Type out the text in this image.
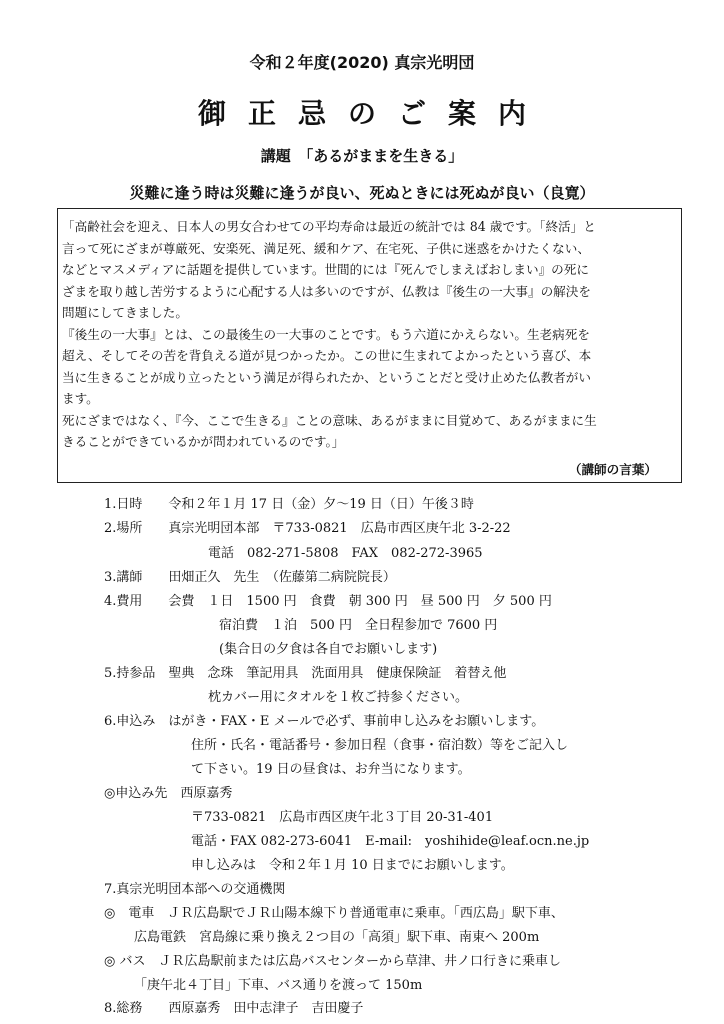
令和２年度(2020) 真宗光明団
御正忌のご案内
講題　「あるがままを生きる」
災難に逢う時は災難に逢うが良い、死ぬときには死ぬが良い（良寛）
「高齢社会を迎え、日本人の男女合わせての平均寿命は最近の統計では 84 歳です。「終活」と
言って死にざまが尊厳死、安楽死、満足死、緩和ケア、在宅死、子供に迷惑をかけたくない、
などとマスメディアに話題を提供しています。世間的には『死んでしまえばおしまい』の死に
ざまを取り越し苦労するように心配する人は多いのですが、仏教は『後生の一大事』の解決を
問題にしてきました。
『後生の一大事』とは、この最後生の一大事のことです。もう六道にかえらない。生老病死を
超え、そしてその苦を背負える道が見つかったか。この世に生まれてよかったという喜び、本
当に生きることが成り立ったという満足が得られたか、ということだと受け止めた仏教者がい
ます。
死にざまではなく、『今、ここで生きる』ことの意味、あるがままに目覚めて、あるがままに生
きることができているかが問われているのです。」
（講師の言葉）
1.日時　　令和２年１月 17 日（金）夕～19 日（日）午後３時
2.場所　　真宗光明団本部　〒733-0821　広島市西区庚午北 3-2-22
電話　082-271-5808　FAX　082-272-3965
3.講師　　田畑正久　先生　（佐藤第二病院院長）
4.費用　　会費　１日　1500 円　食費　朝 300 円　昼 500 円　夕 500 円
宿泊費　１泊　500 円　全日程参加で 7600 円
(集合日の夕食は各自でお願いします)
5.持参品　聖典　念珠　筆記用具　洗面用具　健康保険証　着替え他
枕カバー用にタオルを１枚ご持参ください。
6.申込み　はがき・FAX・E メールで必ず、事前申し込みをお願いします。
住所・氏名・電話番号・参加日程（食事・宿泊数）等をご記入し
て下さい。19 日の昼食は、お弁当になります。
◎申込み先　西原嘉秀
〒733-0821　広島市西区庚午北３丁目 20-31-401
電話・FAX 082-273-6041　E-mail:　yoshihide@leaf.ocn.ne.jp
申し込みは　令和２年１月 10 日までにお願いします。
7.真宗光明団本部への交通機関
◎　電車　ＪＲ広島駅でＪＲ山陽本線下り普通電車に乗車。「西広島」駅下車、
広島電鉄　宮島線に乗り換え２つ目の「高須」駅下車、南東へ 200m
◎ バス　ＪＲ広島駅前または広島バスセンターから草津、井ノ口行きに乗車し
「庚午北４丁目」下車、バス通りを渡って 150m
8.総務　　西原嘉秀　田中志津子　吉田慶子
